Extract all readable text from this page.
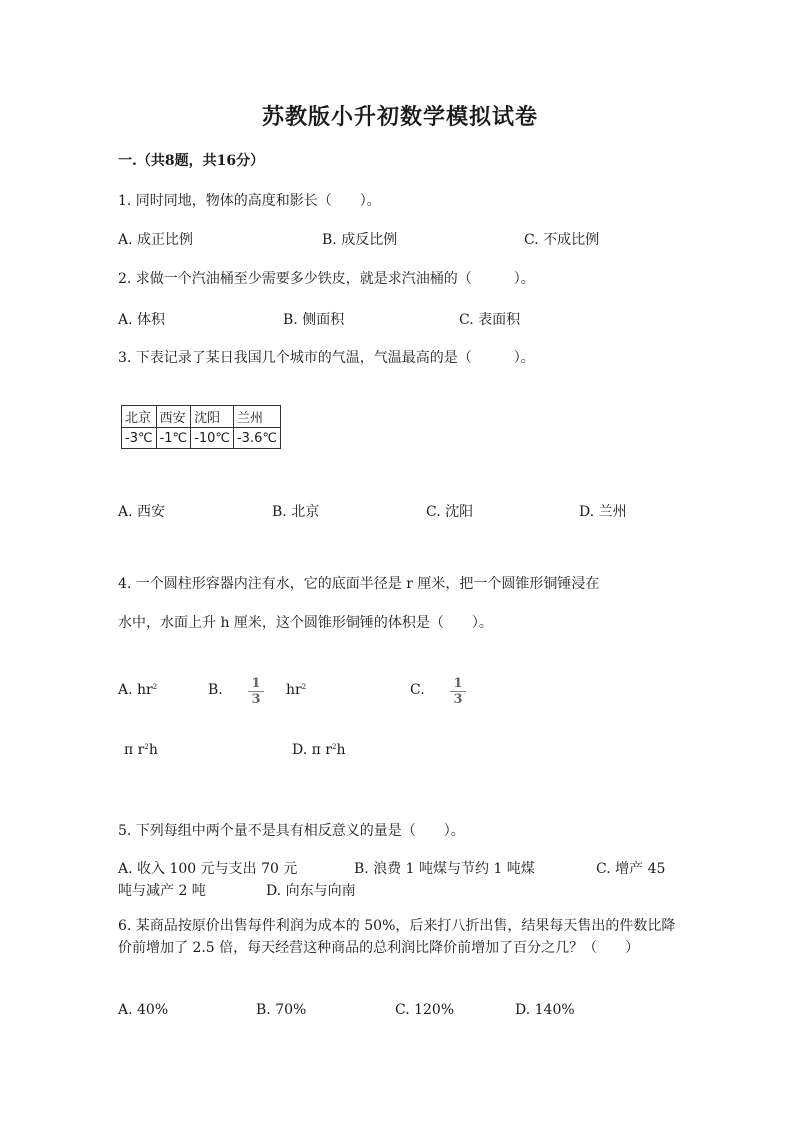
苏教版小升初数学模拟试卷
一.（共8题，共16分）
1. 同时同地，物体的高度和影长（　　）。
A. 成正比例	B. 成反比例	C. 不成比例
2. 求做一个汽油桶至少需要多少铁皮，就是求汽油桶的（　　　）。
A. 体积	B. 侧面积	C. 表面积
3. 下表记录了某日我国几个城市的气温，气温最高的是（　　　）。
北京	西安	沈阳	兰州
-3℃	-1℃	-10℃	-3.6℃
A. 西安	B. 北京	C. 沈阳	D. 兰州
4. 一个圆柱形容器内注有水，它的底面半径是 r 厘米，把一个圆锥形铜锤浸在
水中，水面上升 h 厘米，这个圆锥形铜锤的体积是（　　）。
A. $hr^2$	B. $\frac{1}{3} hr^2$	C. $\frac{1}{3}$
π $r^2h$	D. π $r^2h$
5. 下列每组中两个量不是具有相反意义的量是（　　）。
A. 收入 100 元与支出 70 元	B. 浪费 1 吨煤与节约 1 吨煤	C. 增产 45
吨与减产 2 吨	D. 向东与向南
6. 某商品按原价出售每件利润为成本的 50%，后来打八折出售，结果每天售出的件数比降价前增加了 2.5 倍，每天经营这种商品的总利润比降价前增加了百分之几？（　　）
A. 40%	B. 70%	C. 120%	D. 140%
